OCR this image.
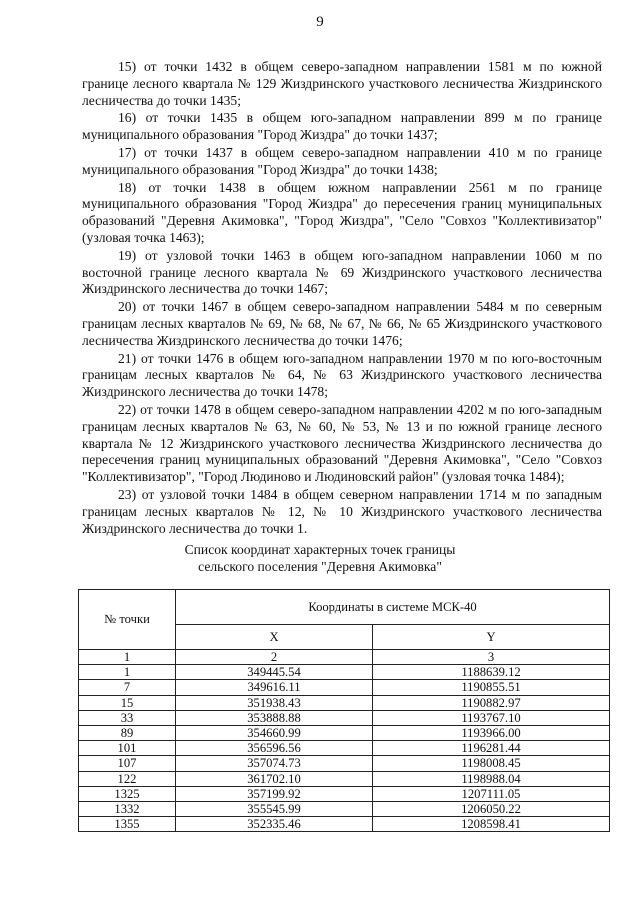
9

15) от точки 1432 в общем северо-западном направлении 1581 м по южной границе лесного квартала № 129 Жиздринского участкового лесничества Жиздринского лесничества до точки 1435;

16) от точки 1435 в общем юго-западном направлении 899 м по границе муниципального образования "Город Жиздра" до точки 1437;

17) от точки 1437 в общем северо-западном направлении 410 м по границе муниципального образования "Город Жиздра" до точки 1438;

18) от точки 1438 в общем южном направлении 2561 м по границе муниципального образования "Город Жиздра" до пересечения границ муниципальных образований "Деревня Акимовка", "Город Жиздра", "Село "Совхоз "Коллективизатор" (узловая точка 1463);

19) от узловой точки 1463 в общем юго-западном направлении 1060 м по восточной границе лесного квартала № 69 Жиздринского участкового лесничества Жиздринского лесничества до точки 1467;

20) от точки 1467 в общем северо-западном направлении 5484 м по северным границам лесных кварталов № 69, № 68, № 67, № 66, № 65 Жиздринского участкового лесничества Жиздринского лесничества до точки 1476;

21) от точки 1476 в общем юго-западном направлении 1970 м по юго-восточным границам лесных кварталов № 64, № 63 Жиздринского участкового лесничества Жиздринского лесничества до точки 1478;

22) от точки 1478 в общем северо-западном направлении 4202 м по юго-западным границам лесных кварталов № 63, № 60, № 53, № 13 и по южной границе лесного квартала № 12 Жиздринского участкового лесничества Жиздринского лесничества до пересечения границ муниципальных образований "Деревня Акимовка", "Село "Совхоз "Коллективизатор", "Город Людиново и Людиновский район" (узловая точка 1484);

23) от узловой точки 1484 в общем северном направлении 1714 м по западным границам лесных кварталов № 12, № 10 Жиздринского участкового лесничества Жиздринского лесничества до точки 1.

Список координат характерных точек границы
сельского поселения "Деревня Акимовка"
№ точки	Координаты в системе МСК-40	
	X	Y
1	2	3
1	349445.54	1188639.12
7	349616.11	1190855.51
15	351938.43	1190882.97
33	353888.88	1193767.10
89	354660.99	1193966.00
101	356596.56	1196281.44
107	357074.73	1198008.45
122	361702.10	1198988.04
1325	357199.92	1207111.05
1332	355545.99	1206050.22
1355	352335.46	1208598.41
